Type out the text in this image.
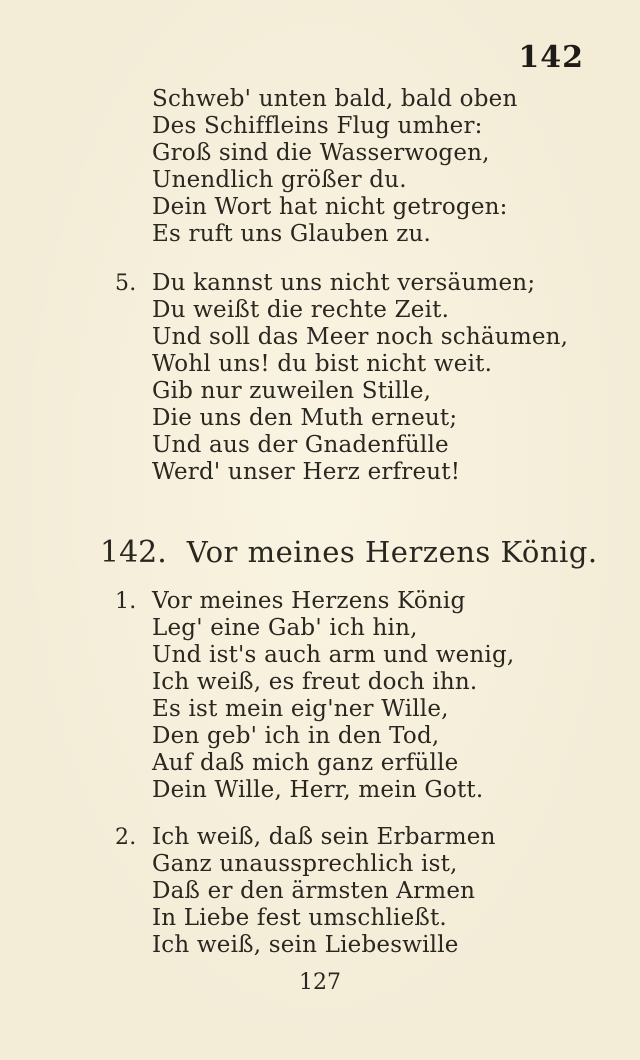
142
Schweb' unten bald, bald oben
Des Schiffleins Flug umher:
Groß sind die Wasserwogen,
Unendlich größer du.
Dein Wort hat nicht getrogen:
Es ruft uns Glauben zu.
5. Du kannst uns nicht versäumen;
Du weißt die rechte Zeit.
Und soll das Meer noch schäumen,
Wohl uns! du bist nicht weit.
Gib nur zuweilen Stille,
Die uns den Muth erneut;
Und aus der Gnadenfülle
Werd' unser Herz erfreut!
142. Vor meines Herzens König.
1. Vor meines Herzens König
Leg' eine Gab' ich hin,
Und ist's auch arm und wenig,
Ich weiß, es freut doch ihn.
Es ist mein eig'ner Wille,
Den geb' ich in den Tod,
Auf daß mich ganz erfülle
Dein Wille, Herr, mein Gott.
2. Ich weiß, daß sein Erbarmen
Ganz unaussprechlich ist,
Daß er den ärmsten Armen
In Liebe fest umschließt.
Ich weiß, sein Liebeswille
127
